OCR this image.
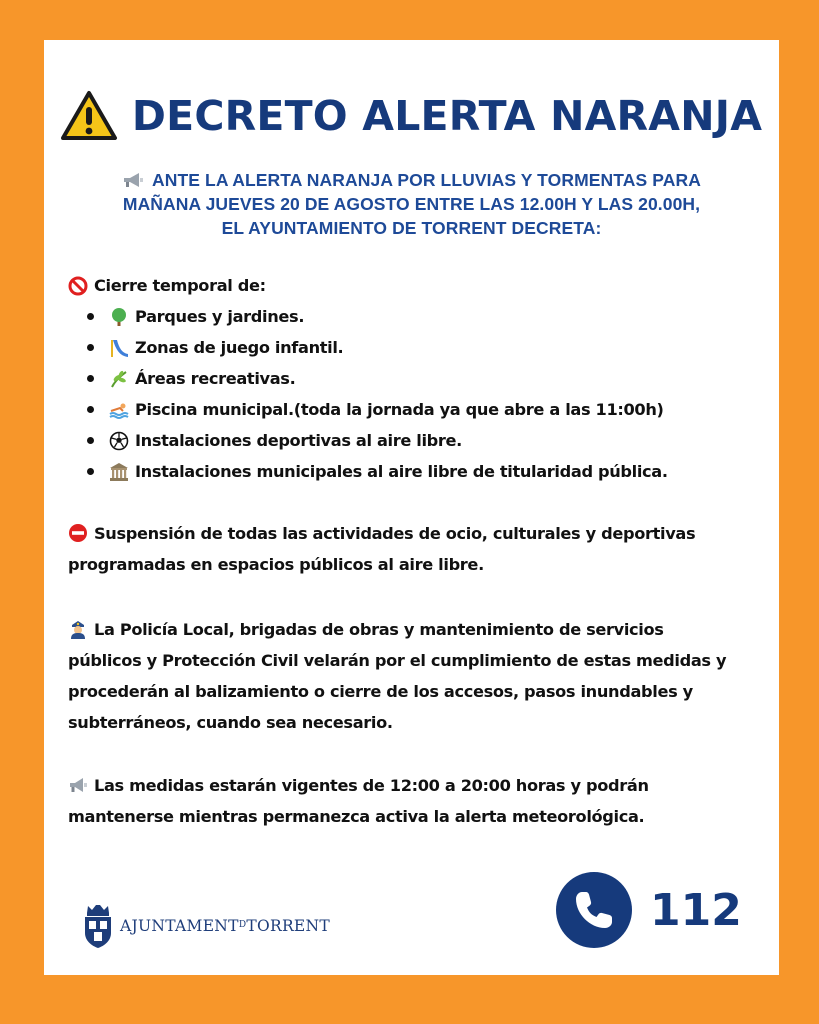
DECRETO ALERTA NARANJA
ANTE LA ALERTA NARANJA POR LLUVIAS Y TORMENTAS PARA
MAÑANA JUEVES 20 DE AGOSTO ENTRE LAS 12.00H Y LAS 20.00H,
EL AYUNTAMIENTO DE TORRENT DECRETA:
Cierre temporal de:
Parques y jardines.
Zonas de juego infantil.
Áreas recreativas.
Piscina municipal.(toda la jornada ya que abre a las 11:00h)
Instalaciones deportivas al aire libre.
Instalaciones municipales al aire libre de titularidad pública.
Suspensión de todas las actividades de ocio, culturales y deportivas
programadas en espacios públicos al aire libre.
La Policía Local, brigadas de obras y mantenimiento de servicios
públicos y Protección Civil velarán por el cumplimiento de estas medidas y
procederán al balizamiento o cierre de los accesos, pasos inundables y
subterráneos, cuando sea necesario.
Las medidas estarán vigentes de 12:00 a 20:00 horas y podrán
mantenerse mientras permanezca activa la alerta meteorológica.
$AJUNTAMENT^DTORRENT$	112
